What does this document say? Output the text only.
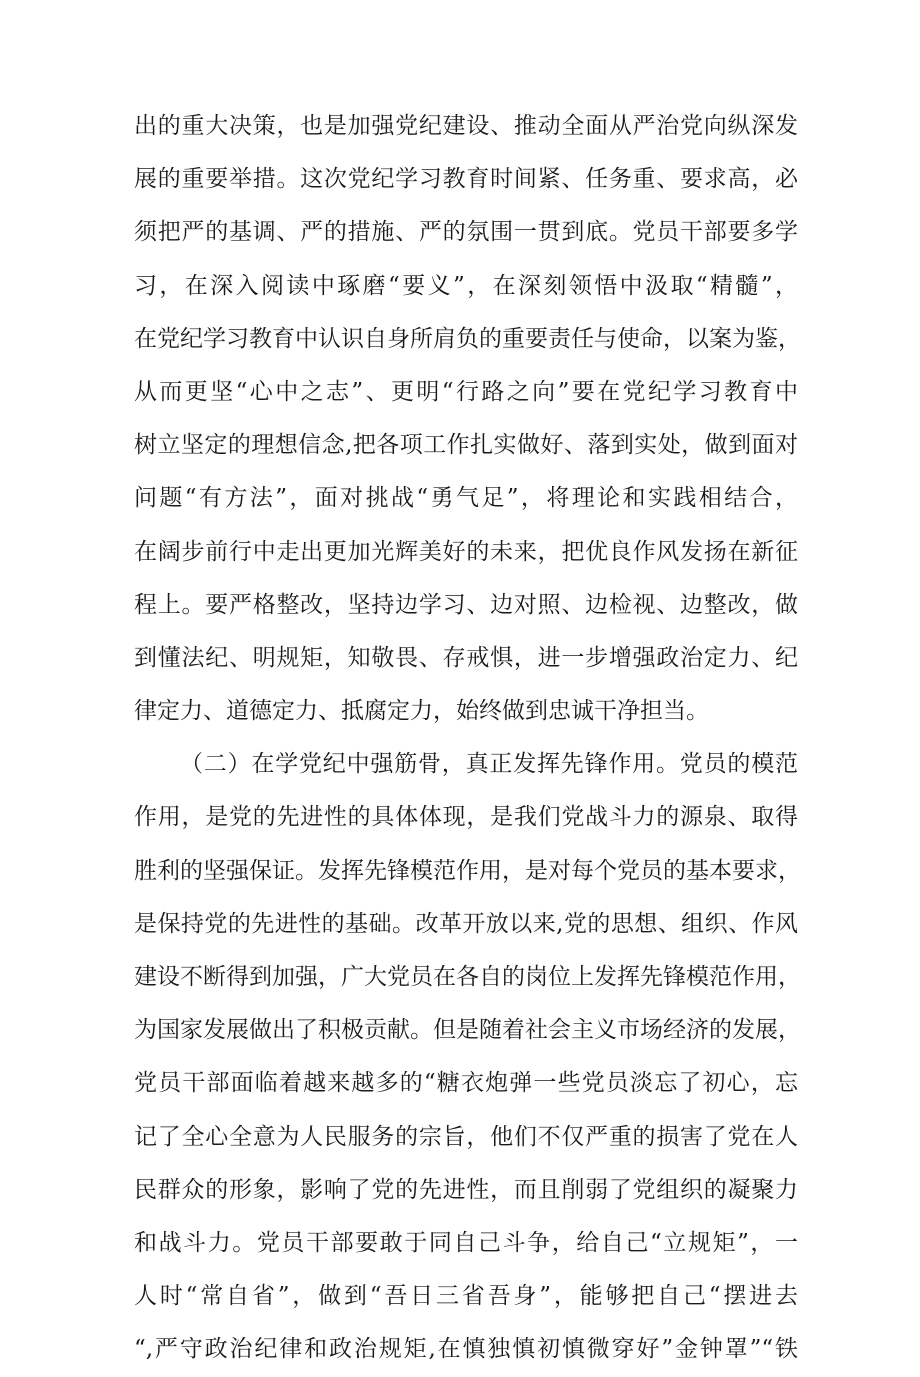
出的重大决策，也是加强党纪建设、推动全面从严治党向纵深发
展的重要举措。这次党纪学习教育时间紧、任务重、要求高，必
须把严的基调、严的措施、严的氛围一贯到底。党员干部要多学
习，在深入阅读中琢磨“要义”，在深刻领悟中汲取“精髓”，
在党纪学习教育中认识自身所肩负的重要责任与使命，以案为鉴，
从而更坚“心中之志”、更明“行路之向”要在党纪学习教育中
树立坚定的理想信念,把各项工作扎实做好、落到实处，做到面对
问题“有方法”，面对挑战“勇气足”，将理论和实践相结合，
在阔步前行中走出更加光辉美好的未来，把优良作风发扬在新征
程上。要严格整改，坚持边学习、边对照、边检视、边整改，做
到懂法纪、明规矩，知敬畏、存戒惧，进一步增强政治定力、纪
律定力、道德定力、抵腐定力，始终做到忠诚干净担当。
（二）在学党纪中强筋骨，真正发挥先锋作用。党员的模范
作用，是党的先进性的具体体现，是我们党战斗力的源泉、取得
胜利的坚强保证。发挥先锋模范作用，是对每个党员的基本要求，
是保持党的先进性的基础。改革开放以来,党的思想、组织、作风
建设不断得到加强，广大党员在各自的岗位上发挥先锋模范作用，
为国家发展做出了积极贡献。但是随着社会主义市场经济的发展，
党员干部面临着越来越多的“糖衣炮弹一些党员淡忘了初心，忘
记了全心全意为人民服务的宗旨，他们不仅严重的损害了党在人
民群众的形象，影响了党的先进性，而且削弱了党组织的凝聚力
和战斗力。党员干部要敢于同自己斗争，给自己“立规矩”，一
人时“常自省”，做到“吾日三省吾身”，能够把自己“摆进去
“,严守政治纪律和政治规矩,在慎独慎初慎微穿好”金钟罩”“铁
